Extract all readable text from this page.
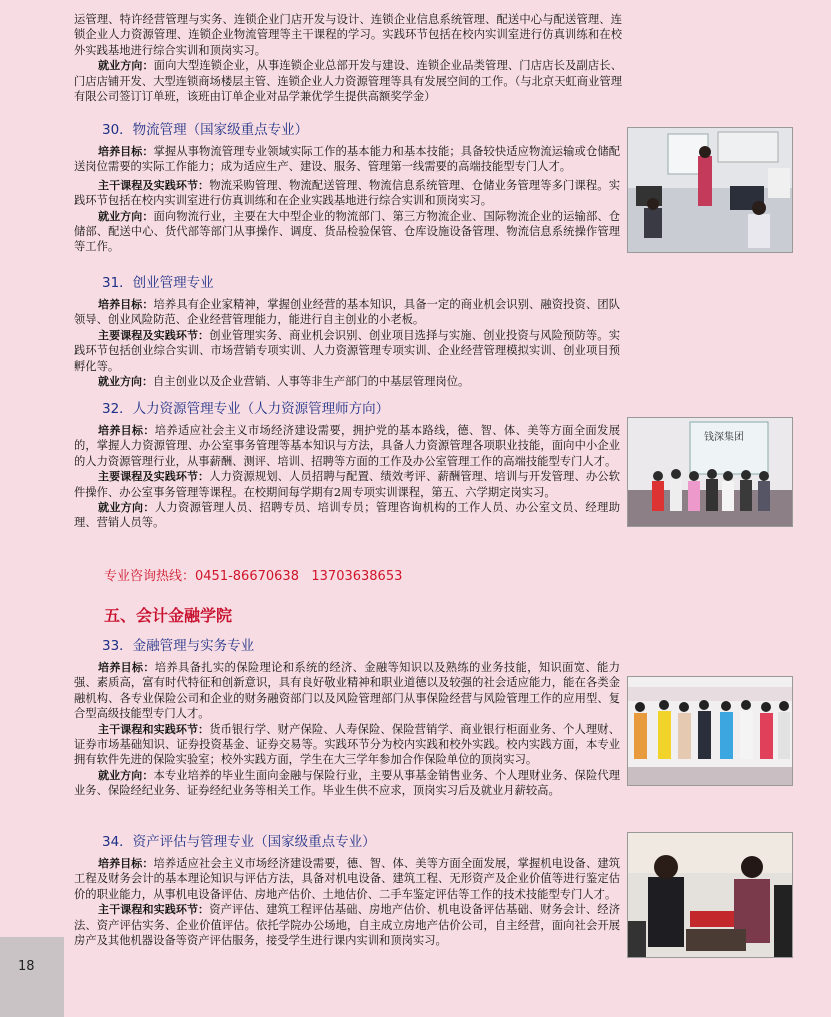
运管理、特许经营管理与实务、连锁企业门店开发与设计、连锁企业信息系统管理、配送中心与配送管理、连锁企业人力资源管理、连锁企业物流管理等主干课程的学习。实践环节包括在校内实训室进行仿真训练和在校外实践基地进行综合实训和顶岗实习。

就业方向：面向大型连锁企业，从事连锁企业总部开发与建设、连锁企业品类管理、门店店长及副店长、门店店铺开发、大型连锁商场楼层主管、连锁企业人力资源管理等具有发展空间的工作。（与北京天虹商业管理有限公司签订订单班，该班由订单企业对品学兼优学生提供高额奖学金）

30．物流管理（国家级重点专业）

培养目标：掌握从事物流管理专业领域实际工作的基本能力和基本技能；具备较快适应物流运输或仓储配送岗位需要的实际工作能力；成为适应生产、建设、服务、管理第一线需要的高端技能型专门人才。

主干课程及实践环节：物流采购管理、物流配送管理、物流信息系统管理、仓储业务管理等多门课程。实践环节包括在校内实训室进行仿真训练和在企业实践基地进行综合实训和顶岗实习。

就业方向：面向物流行业，主要在大中型企业的物流部门、第三方物流企业、国际物流企业的运输部、仓储部、配送中心、货代部等部门从事操作、调度、货品检验保管、仓库设施设备管理、物流信息系统操作管理等工作。

31．创业管理专业

培养目标：培养具有企业家精神，掌握创业经营的基本知识，具备一定的商业机会识别、融资投资、团队领导、创业风险防范、企业经营管理能力，能进行自主创业的小老板。

主要课程及实践环节：创业管理实务、商业机会识别、创业项目选择与实施、创业投资与风险预防等。实践环节包括创业综合实训、市场营销专项实训、人力资源管理专项实训、企业经营管理模拟实训、创业项目预孵化等。

就业方向：自主创业以及企业营销、人事等非生产部门的中基层管理岗位。

32．人力资源管理专业（人力资源管理师方向）

培养目标：培养适应社会主义市场经济建设需要，拥护党的基本路线，德、智、体、美等方面全面发展的，掌握人力资源管理、办公室事务管理等基本知识与方法，具备人力资源管理各项职业技能，面向中小企业的人力资源管理行业，从事薪酬、测评、培训、招聘等方面的工作及办公室管理工作的高端技能型专门人才。

主要课程及实践环节：人力资源规划、人员招聘与配置、绩效考评、薪酬管理、培训与开发管理、办公软件操作、办公室事务管理等课程。在校期间每学期有2周专项实训课程，第五、六学期定岗实习。

就业方向：人力资源管理人员、招聘专员、培训专员；管理咨询机构的工作人员、办公室文员、经理助理、营销人员等。

钱深集团
专业咨询热线：0451-86670638 13703638653
五、会计金融学院
33．金融管理与实务专业

培养目标：培养具备扎实的保险理论和系统的经济、金融等知识以及熟练的业务技能，知识面宽、能力强、素质高，富有时代特征和创新意识，具有良好敬业精神和职业道德以及较强的社会适应能力，能在各类金融机构、各专业保险公司和企业的财务融资部门以及风险管理部门从事保险经营与风险管理工作的应用型、复合型高级技能型专门人才。

主干课程和实践环节：货币银行学、财产保险、人寿保险、保险营销学、商业银行柜面业务、个人理财、证券市场基础知识、证券投资基金、证券交易等。实践环节分为校内实践和校外实践。校内实践方面，本专业拥有软件先进的保险实验室；校外实践方面，学生在大三学年参加合作保险单位的顶岗实习。

就业方向：本专业培养的毕业生面向金融与保险行业，主要从事基金销售业务、个人理财业务、保险代理业务、保险经纪业务、证券经纪业务等相关工作。毕业生供不应求，顶岗实习后及就业月薪较高。

34．资产评估与管理专业（国家级重点专业）

培养目标：培养适应社会主义市场经济建设需要，德、智、体、美等方面全面发展，掌握机电设备、建筑工程及财务会计的基本理论知识与评估方法，具备对机电设备、建筑工程、无形资产及企业价值等进行鉴定估价的职业能力，从事机电设备评估、房地产估价、土地估价、二手车鉴定评估等工作的技术技能型专门人才。

主干课程和实践环节：资产评估、建筑工程评估基础、房地产估价、机电设备评估基础、财务会计、经济法、资产评估实务、企业价值评估。依托学院办公场地，自主成立房地产估价公司，自主经营，面向社会开展房产及其他机器设备等资产评估服务，接受学生进行课内实训和顶岗实习。

18
